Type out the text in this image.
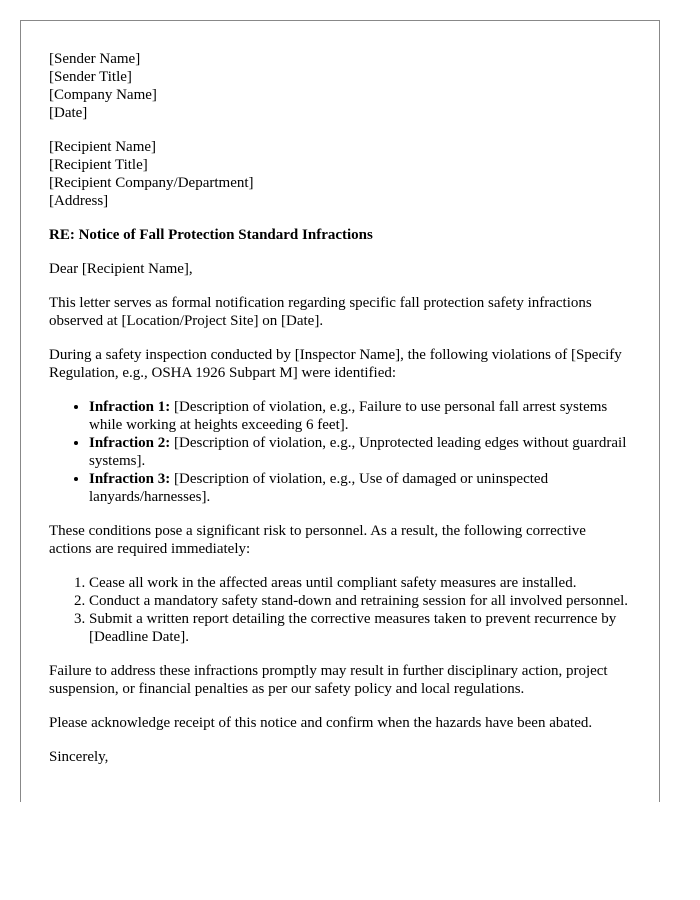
[Sender Name]
[Sender Title]
[Company Name]
[Date]
[Recipient Name]
[Recipient Title]
[Recipient Company/Department]
[Address]
RE: Notice of Fall Protection Standard Infractions

Dear [Recipient Name],

This letter serves as formal notification regarding specific fall protection safety infractions observed at [Location/Project Site] on [Date].

During a safety inspection conducted by [Inspector Name], the following violations of [Specify Regulation, e.g., OSHA 1926 Subpart M] were identified:

• Infraction 1: [Description of violation, e.g., Failure to use personal fall arrest systems while working at heights exceeding 6 feet].
• Infraction 2: [Description of violation, e.g., Unprotected leading edges without guardrail systems].
• Infraction 3: [Description of violation, e.g., Use of damaged or uninspected lanyards/harnesses].

These conditions pose a significant risk to personnel. As a result, the following corrective actions are required immediately:

1. Cease all work in the affected areas until compliant safety measures are installed.
2. Conduct a mandatory safety stand-down and retraining session for all involved personnel.
3. Submit a written report detailing the corrective measures taken to prevent recurrence by [Deadline Date].

Failure to address these infractions promptly may result in further disciplinary action, project suspension, or financial penalties as per our safety policy and local regulations.

Please acknowledge receipt of this notice and confirm when the hazards have been abated.

Sincerely,
